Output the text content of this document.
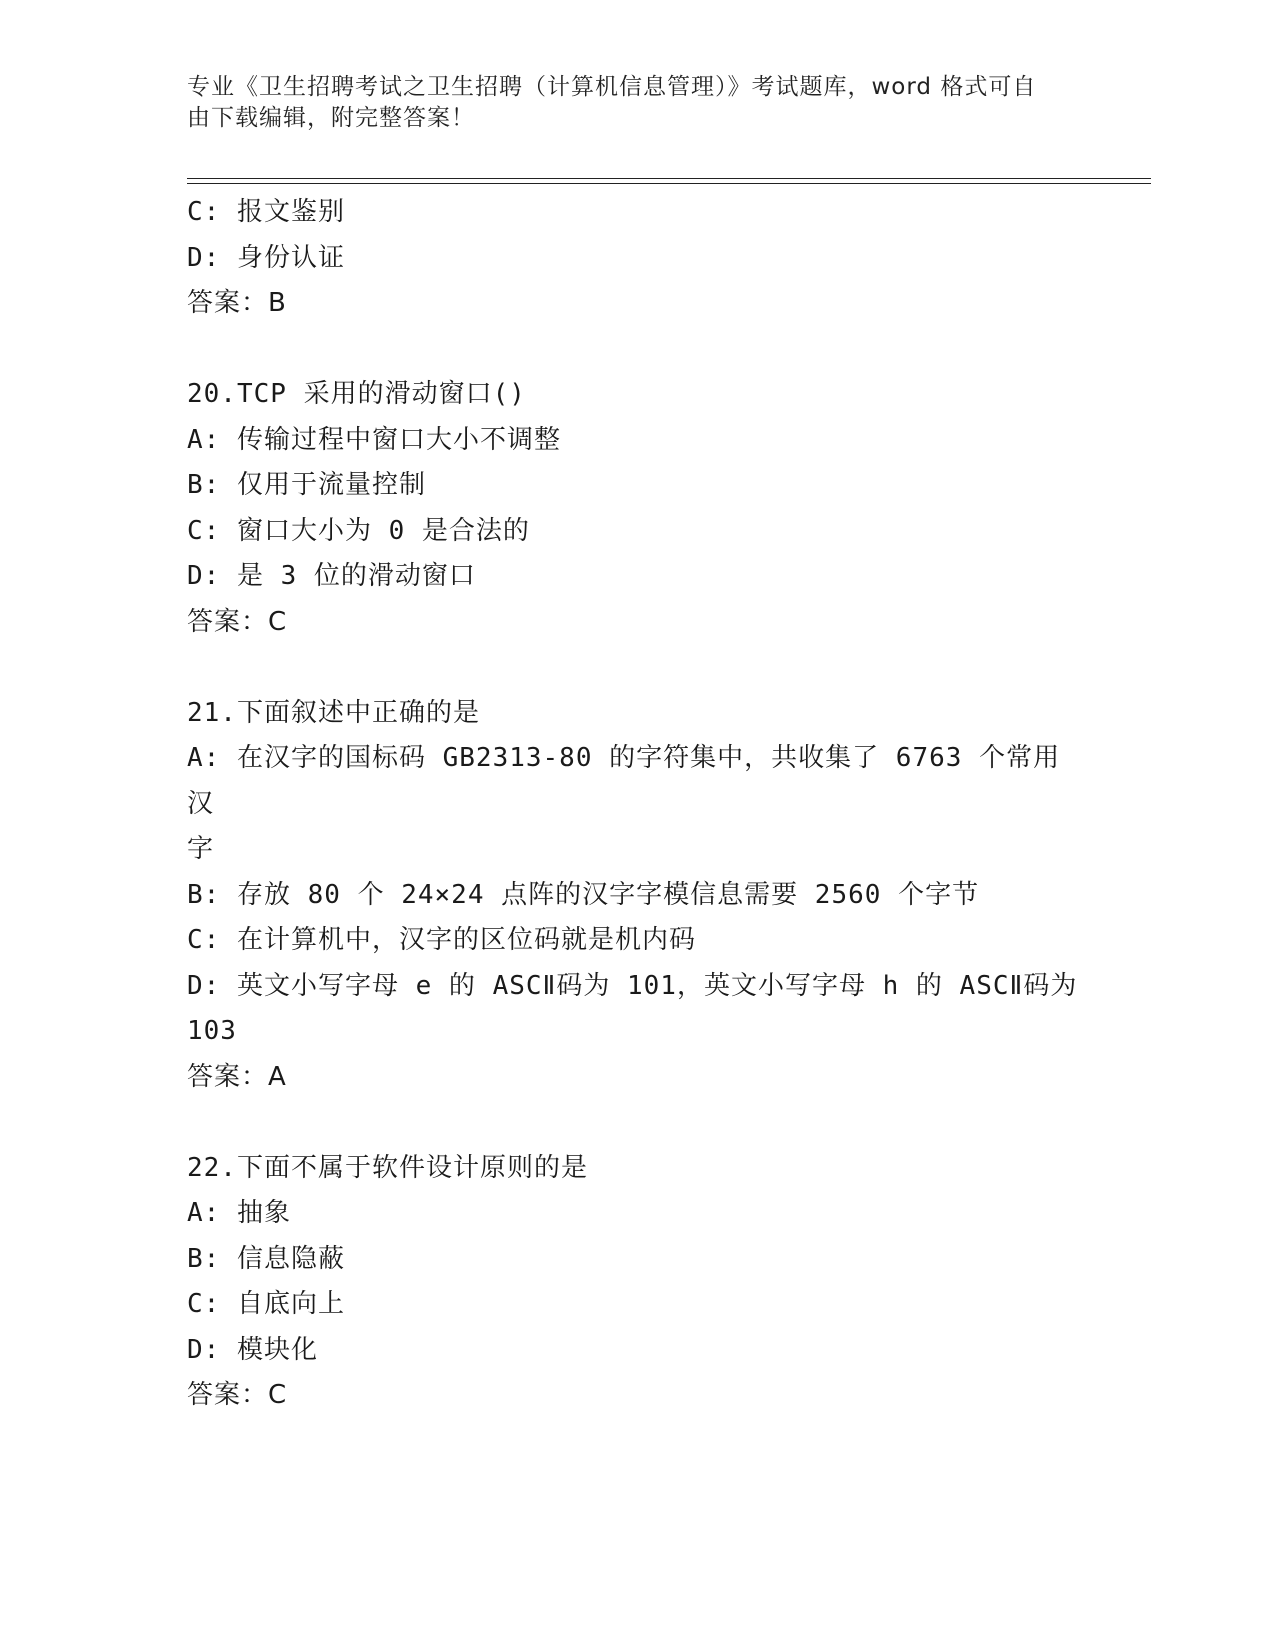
专业《卫生招聘考试之卫生招聘（计算机信息管理）》考试题库，word 格式可自
由下载编辑，附完整答案！
C: 报文鉴别
D: 身份认证
答案：B
20.TCP 采用的滑动窗口()
A: 传输过程中窗口大小不调整
B: 仅用于流量控制
C: 窗口大小为 0 是合法的
D: 是 3 位的滑动窗口
答案：C
21.下面叙述中正确的是
A: 在汉字的国标码 GB2313-80 的字符集中，共收集了 6763 个常用汉
字
B: 存放 80 个 24×24 点阵的汉字字模信息需要 2560 个字节
C: 在计算机中，汉字的区位码就是机内码
D: 英文小写字母 e 的 ASCⅡ码为 101，英文小写字母 h 的 ASCⅡ码为
103
答案：A
22.下面不属于软件设计原则的是
A: 抽象
B: 信息隐蔽
C: 自底向上
D: 模块化
答案：C
